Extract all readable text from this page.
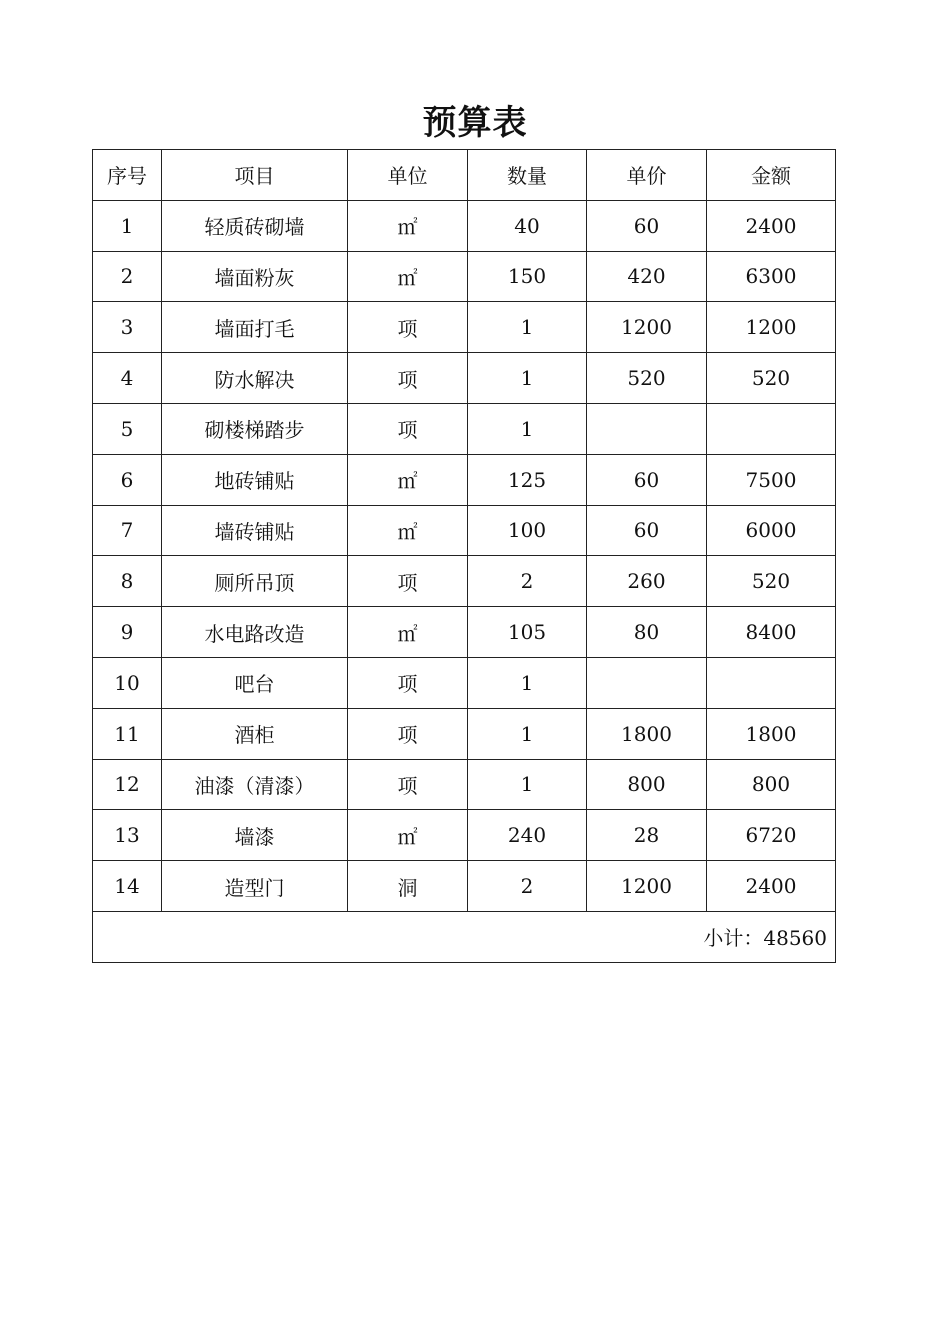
预算表
序号	项目	单位	数量	单价	金额
1	轻质砖砌墙	㎡	40	60	2400
2	墙面粉灰	㎡	150	420	6300
3	墙面打毛	项	1	1200	1200
4	防水解决	项	1	520	520
5	砌楼梯踏步	项	1		
6	地砖铺贴	㎡	125	60	7500
7	墙砖铺贴	㎡	100	60	6000
8	厕所吊顶	项	2	260	520
9	水电路改造	㎡	105	80	8400
10	吧台	项	1		
11	酒柜	项	1	1800	1800
12	油漆（清漆）	项	1	800	800
13	墙漆	㎡	240	28	6720
14	造型门	洞	2	1200	2400
小计：48560					
